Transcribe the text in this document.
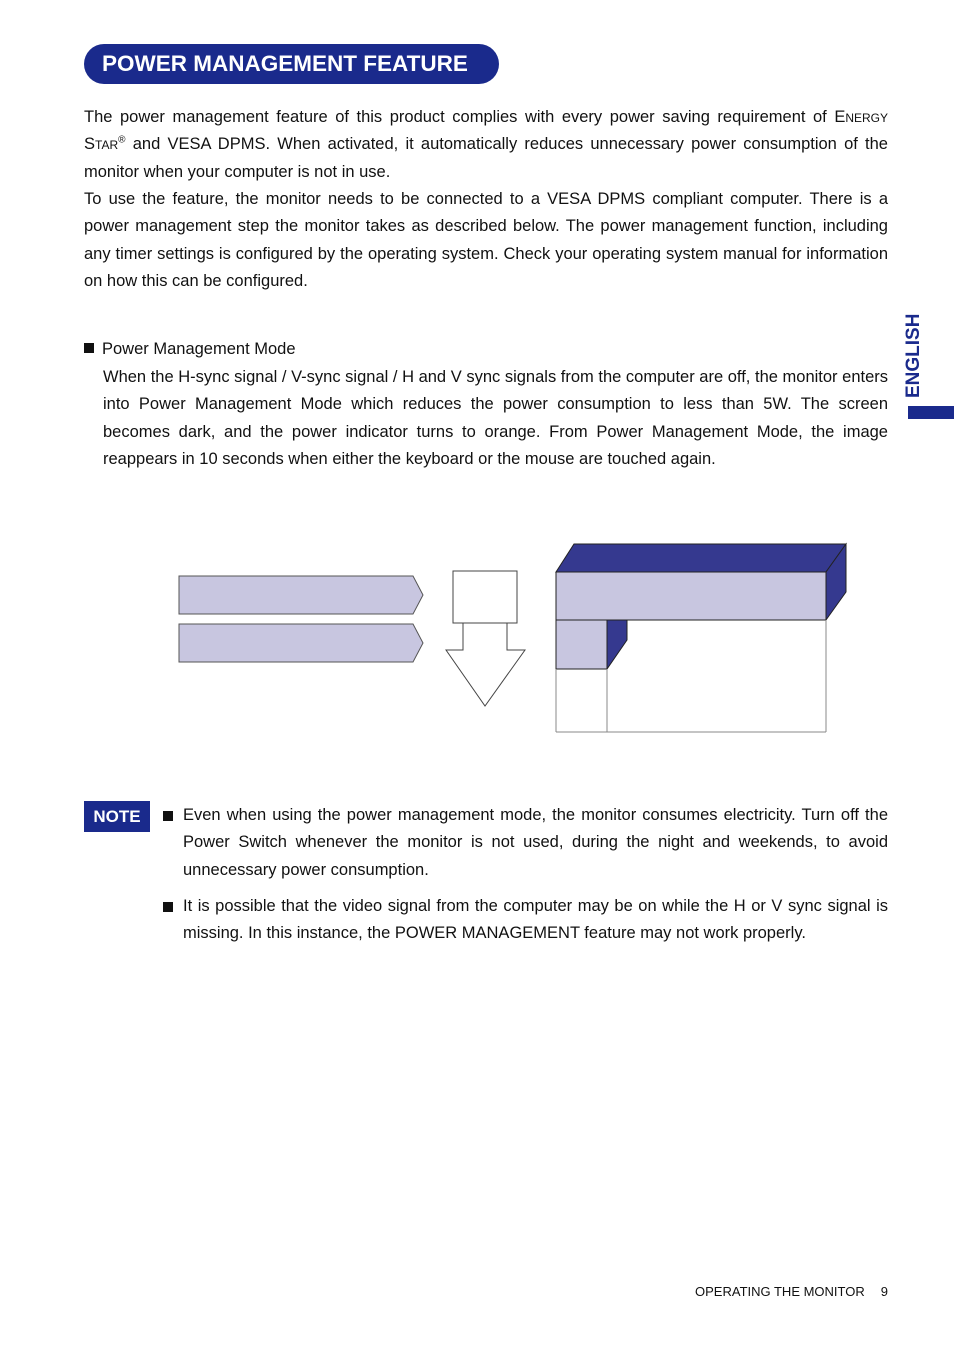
POWER MANAGEMENT FEATURE

The power management feature of this product complies with every power saving requirement of Energy Star® and VESA DPMS. When activated, it automatically reduces unnecessary power consumption of the monitor when your computer is not in use.

To use the feature, the monitor needs to be connected to a VESA DPMS compliant computer. There is a power management step the monitor takes as described below. The power management function, including any timer settings is configured by the operating system. Check your operating system manual for information on how this can be configured.

ENGLISH
Power Management Mode

When the H-sync signal / V-sync signal / H and V sync signals from the computer are off, the monitor enters into Power Management Mode which reduces the power consumption to less than 5W. The screen becomes dark, and the power indicator turns to orange. From Power Management Mode, the image reappears in 10 seconds when either the keyboard or the mouse are touched again.

NOTE	Even when using the power management mode, the monitor consumes electricity. Turn off the Power Switch whenever the monitor is not used, during the night and weekends, to avoid unnecessary power consumption.

It is possible that the video signal from the computer may be on while the H or V sync signal is missing. In this instance, the POWER MANAGEMENT feature may not work properly.

OPERATING THE MONITOR 9
